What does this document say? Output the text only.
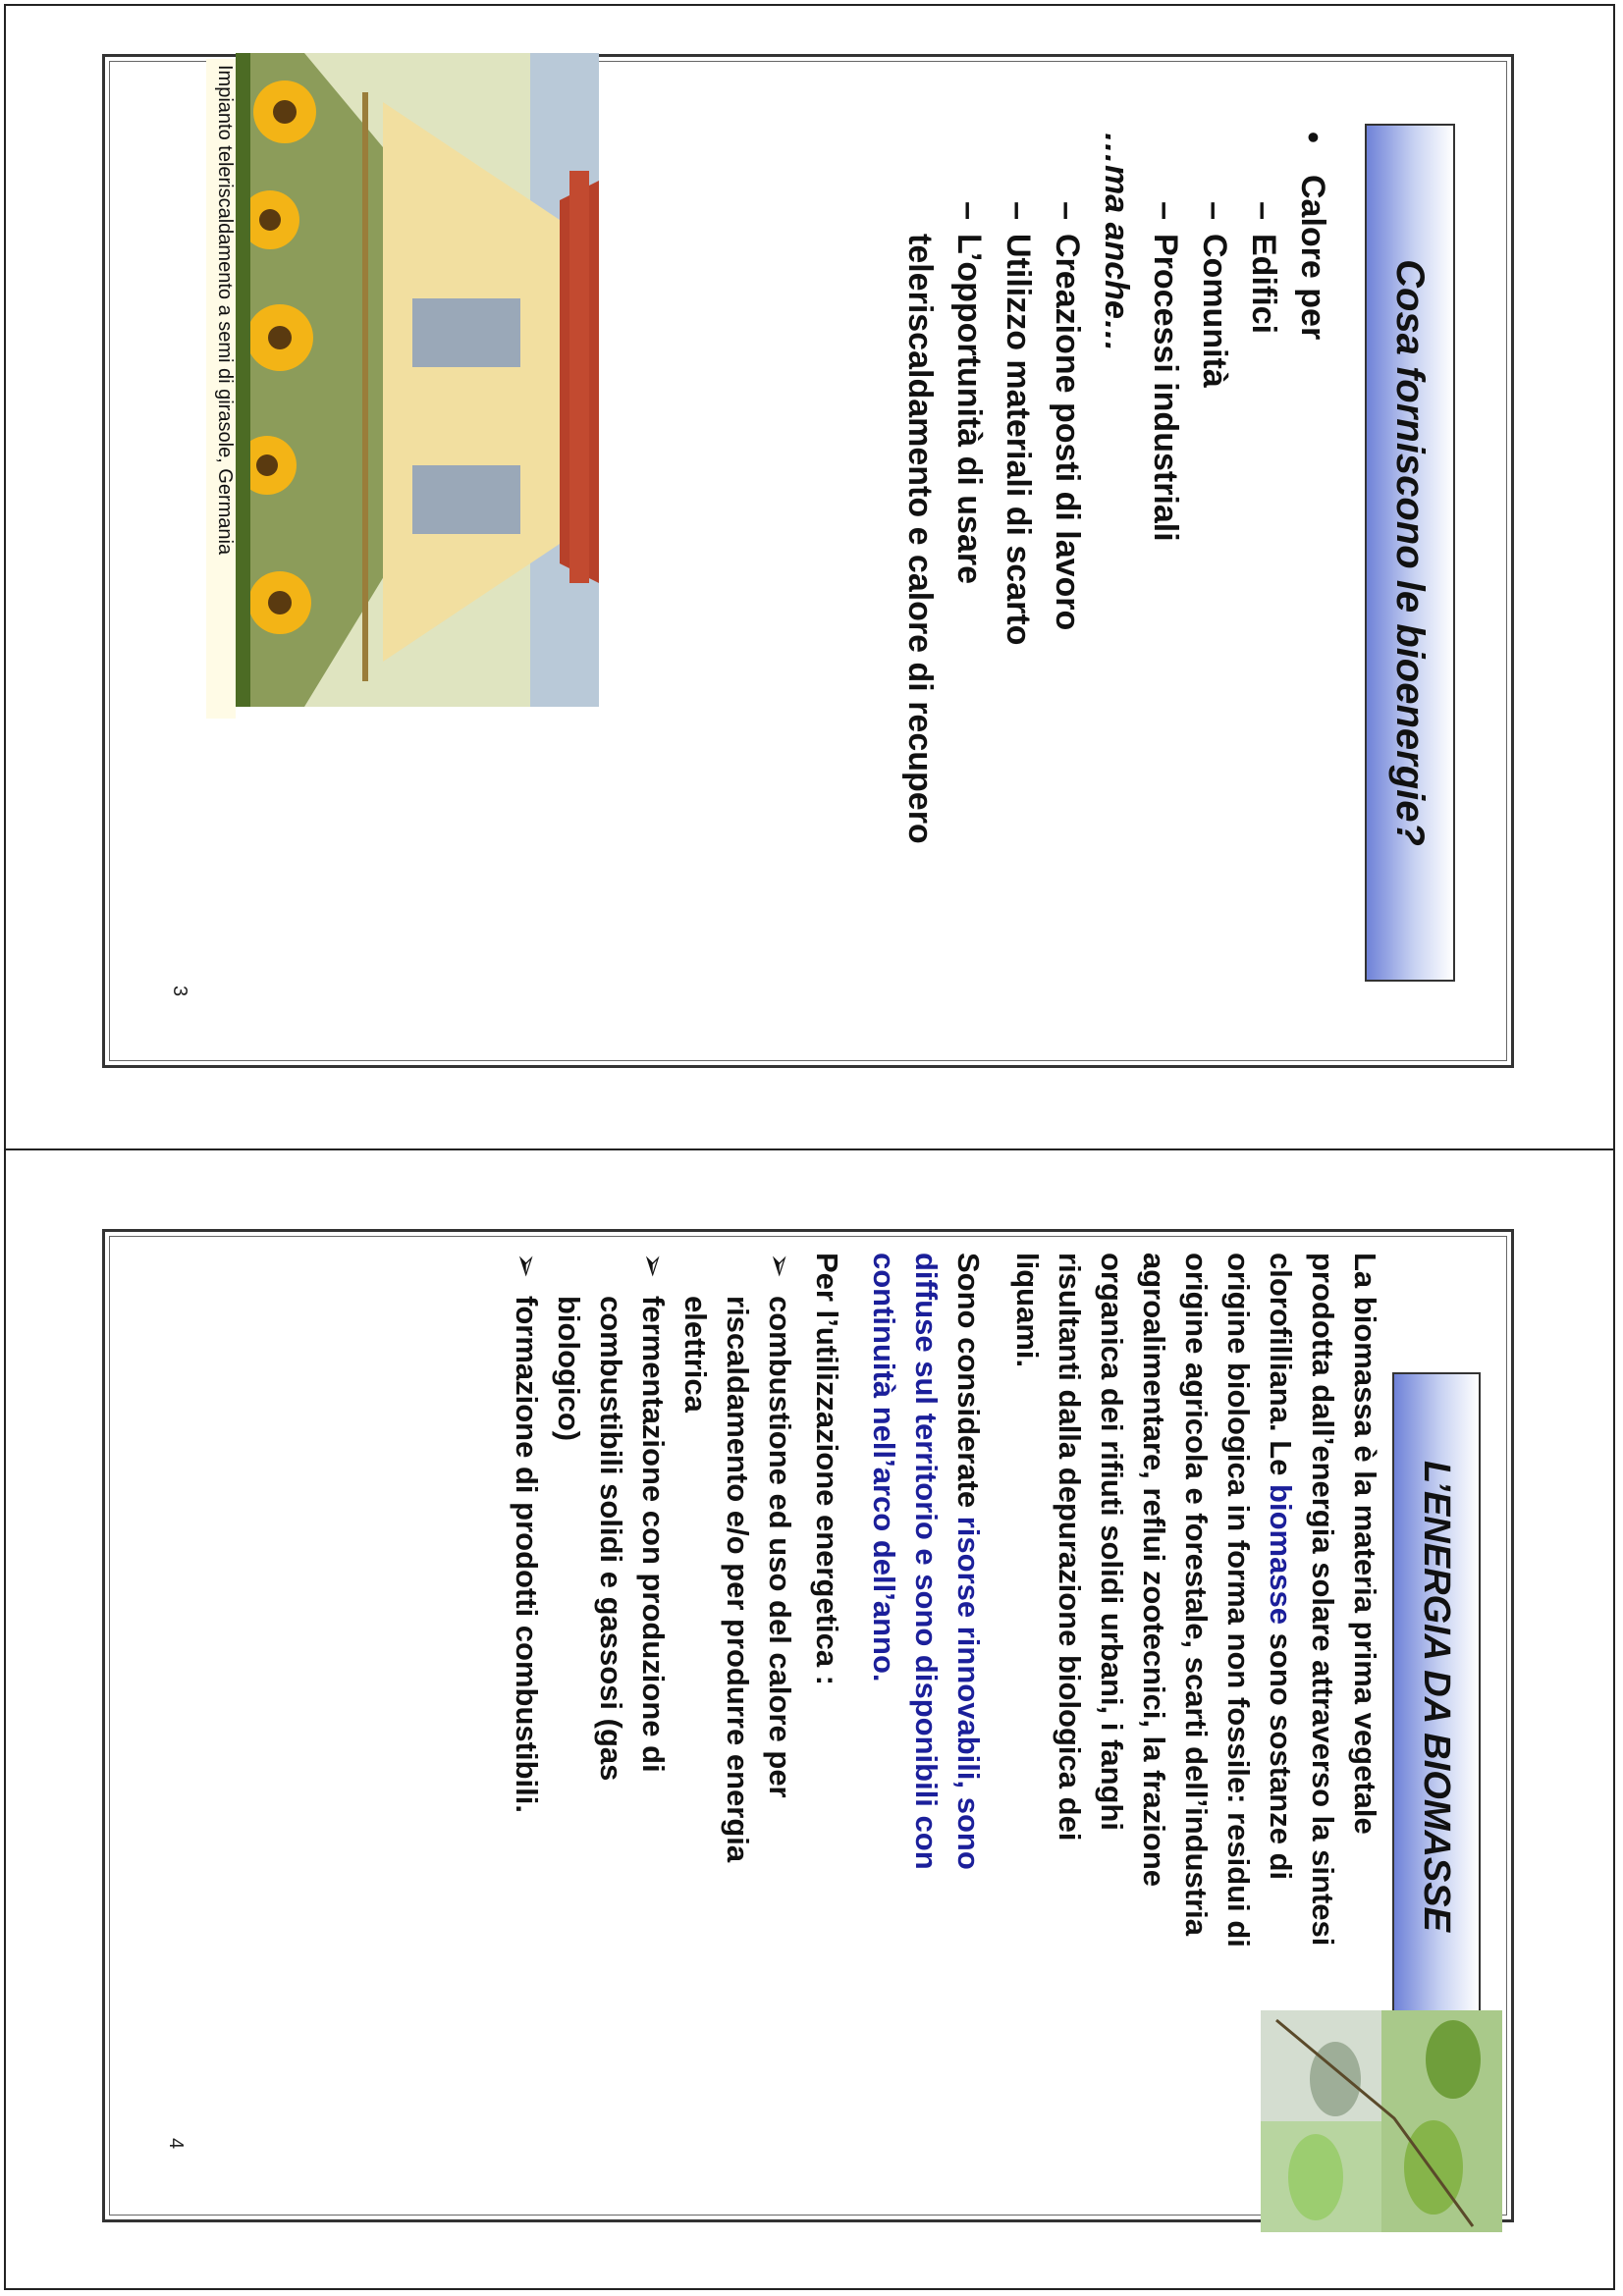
Cosa forniscono le bioenergie?
•Calore per
–Edifici
–Comunità
–Processi industriali
…ma anche…
–Creazione posti di lavoro
–Utilizzo materiali di scarto
–L’opportunità di usare
teleriscaldamento e calore di recupero
Impianto teleriscaldamento a semi di girasole, Germania
3
L’ENERGIA DA BIOMASSE
La biomassa è la materia prima vegetale
prodotta dall’energia solare attraverso la sintesi
clorofilliana. Le biomasse sono sostanze di
origine biologica in forma non fossile: residui di
origine agricola e forestale, scarti dell’industria
agroalimentare, reflui zootecnici, la frazione
organica dei rifiuti solidi urbani, i fanghi
risultanti dalla depurazione biologica dei
liquami.
Sono considerate risorse rinnovabili, sono
diffuse sul territorio e sono disponibili con
continuità nell’arco dell’anno.
Per l’utilizzazione energetica :
➢
combustione ed uso del calore per
riscaldamento e/o per produrre energia
elettrica
➢
fermentazione con produzione di
combustibili solidi e gassosi (gas
biologico)
➢
formazione di prodotti combustibili.
4
